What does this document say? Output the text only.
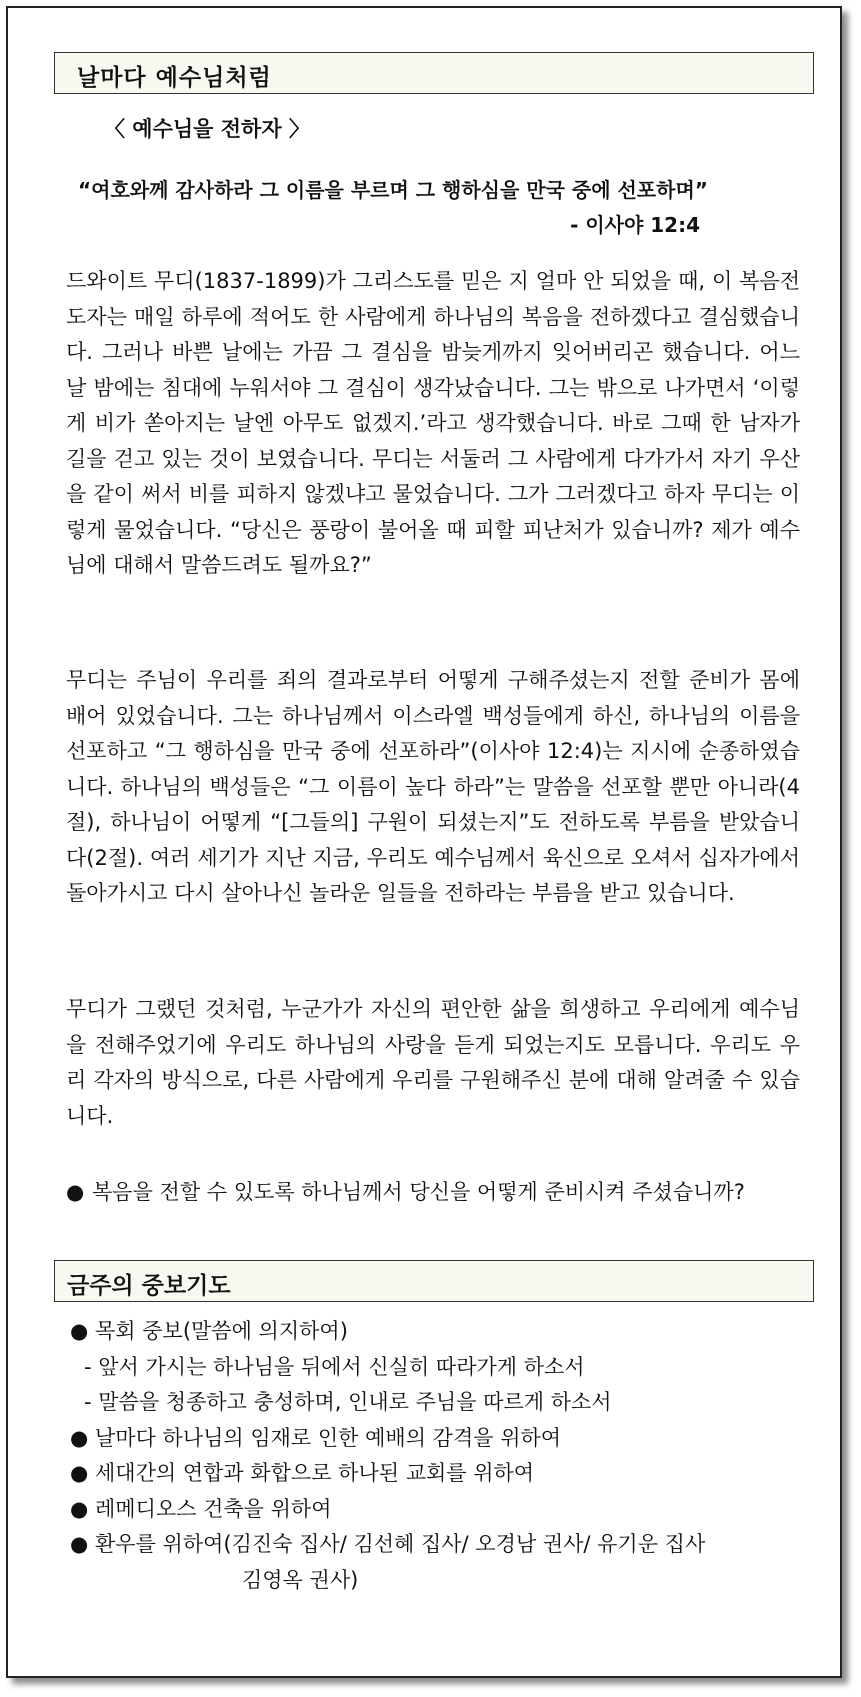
날마다 예수님처럼
〈 예수님을 전하자 〉
“여호와께 감사하라 그 이름을 부르며 그 행하심을 만국 중에 선포하며”
- 이사야 12:4
드와이트 무디(1837-1899)가 그리스도를 믿은 지 얼마 안 되었을 때, 이 복음전도자는 매일 하루에 적어도 한 사람에게 하나님의 복음을 전하겠다고 결심했습니다. 그러나 바쁜 날에는 가끔 그 결심을 밤늦게까지 잊어버리곤 했습니다. 어느 날 밤에는 침대에 누워서야 그 결심이 생각났습니다. 그는 밖으로 나가면서 ‘이렇게 비가 쏟아지는 날엔 아무도 없겠지.’라고 생각했습니다. 바로 그때 한 남자가 길을 걷고 있는 것이 보였습니다. 무디는 서둘러 그 사람에게 다가가서 자기 우산을 같이 써서 비를 피하지 않겠냐고 물었습니다. 그가 그러겠다고 하자 무디는 이렇게 물었습니다. “당신은 풍랑이 불어올 때 피할 피난처가 있습니까? 제가 예수님에 대해서 말씀드려도 될까요?”
무디는 주님이 우리를 죄의 결과로부터 어떻게 구해주셨는지 전할 준비가 몸에 배어 있었습니다. 그는 하나님께서 이스라엘 백성들에게 하신, 하나님의 이름을 선포하고 “그 행하심을 만국 중에 선포하라”(이사야 12:4)는 지시에 순종하였습니다. 하나님의 백성들은 “그 이름이 높다 하라”는 말씀을 선포할 뿐만 아니라(4절), 하나님이 어떻게 “[그들의] 구원이 되셨는지”도 전하도록 부름을 받았습니다(2절). 여러 세기가 지난 지금, 우리도 예수님께서 육신으로 오셔서 십자가에서 돌아가시고 다시 살아나신 놀라운 일들을 전하라는 부름을 받고 있습니다.
무디가 그랬던 것처럼, 누군가가 자신의 편안한 삶을 희생하고 우리에게 예수님을 전해주었기에 우리도 하나님의 사랑을 듣게 되었는지도 모릅니다. 우리도 우리 각자의 방식으로, 다른 사람에게 우리를 구원해주신 분에 대해 알려줄 수 있습니다.
● 복음을 전할 수 있도록 하나님께서 당신을 어떻게 준비시켜 주셨습니까?
금주의 중보기도
● 목회 중보(말씀에 의지하여)
- 앞서 가시는 하나님을 뒤에서 신실히 따라가게 하소서
- 말씀을 청종하고 충성하며, 인내로 주님을 따르게 하소서
● 날마다 하나님의 임재로 인한 예배의 감격을 위하여
● 세대간의 연합과 화합으로 하나된 교회를 위하여
● 레메디오스 건축을 위하여
● 환우를 위하여(김진숙 집사/ 김선혜 집사/ 오경남 권사/ 유기운 집사
김영옥 권사)
